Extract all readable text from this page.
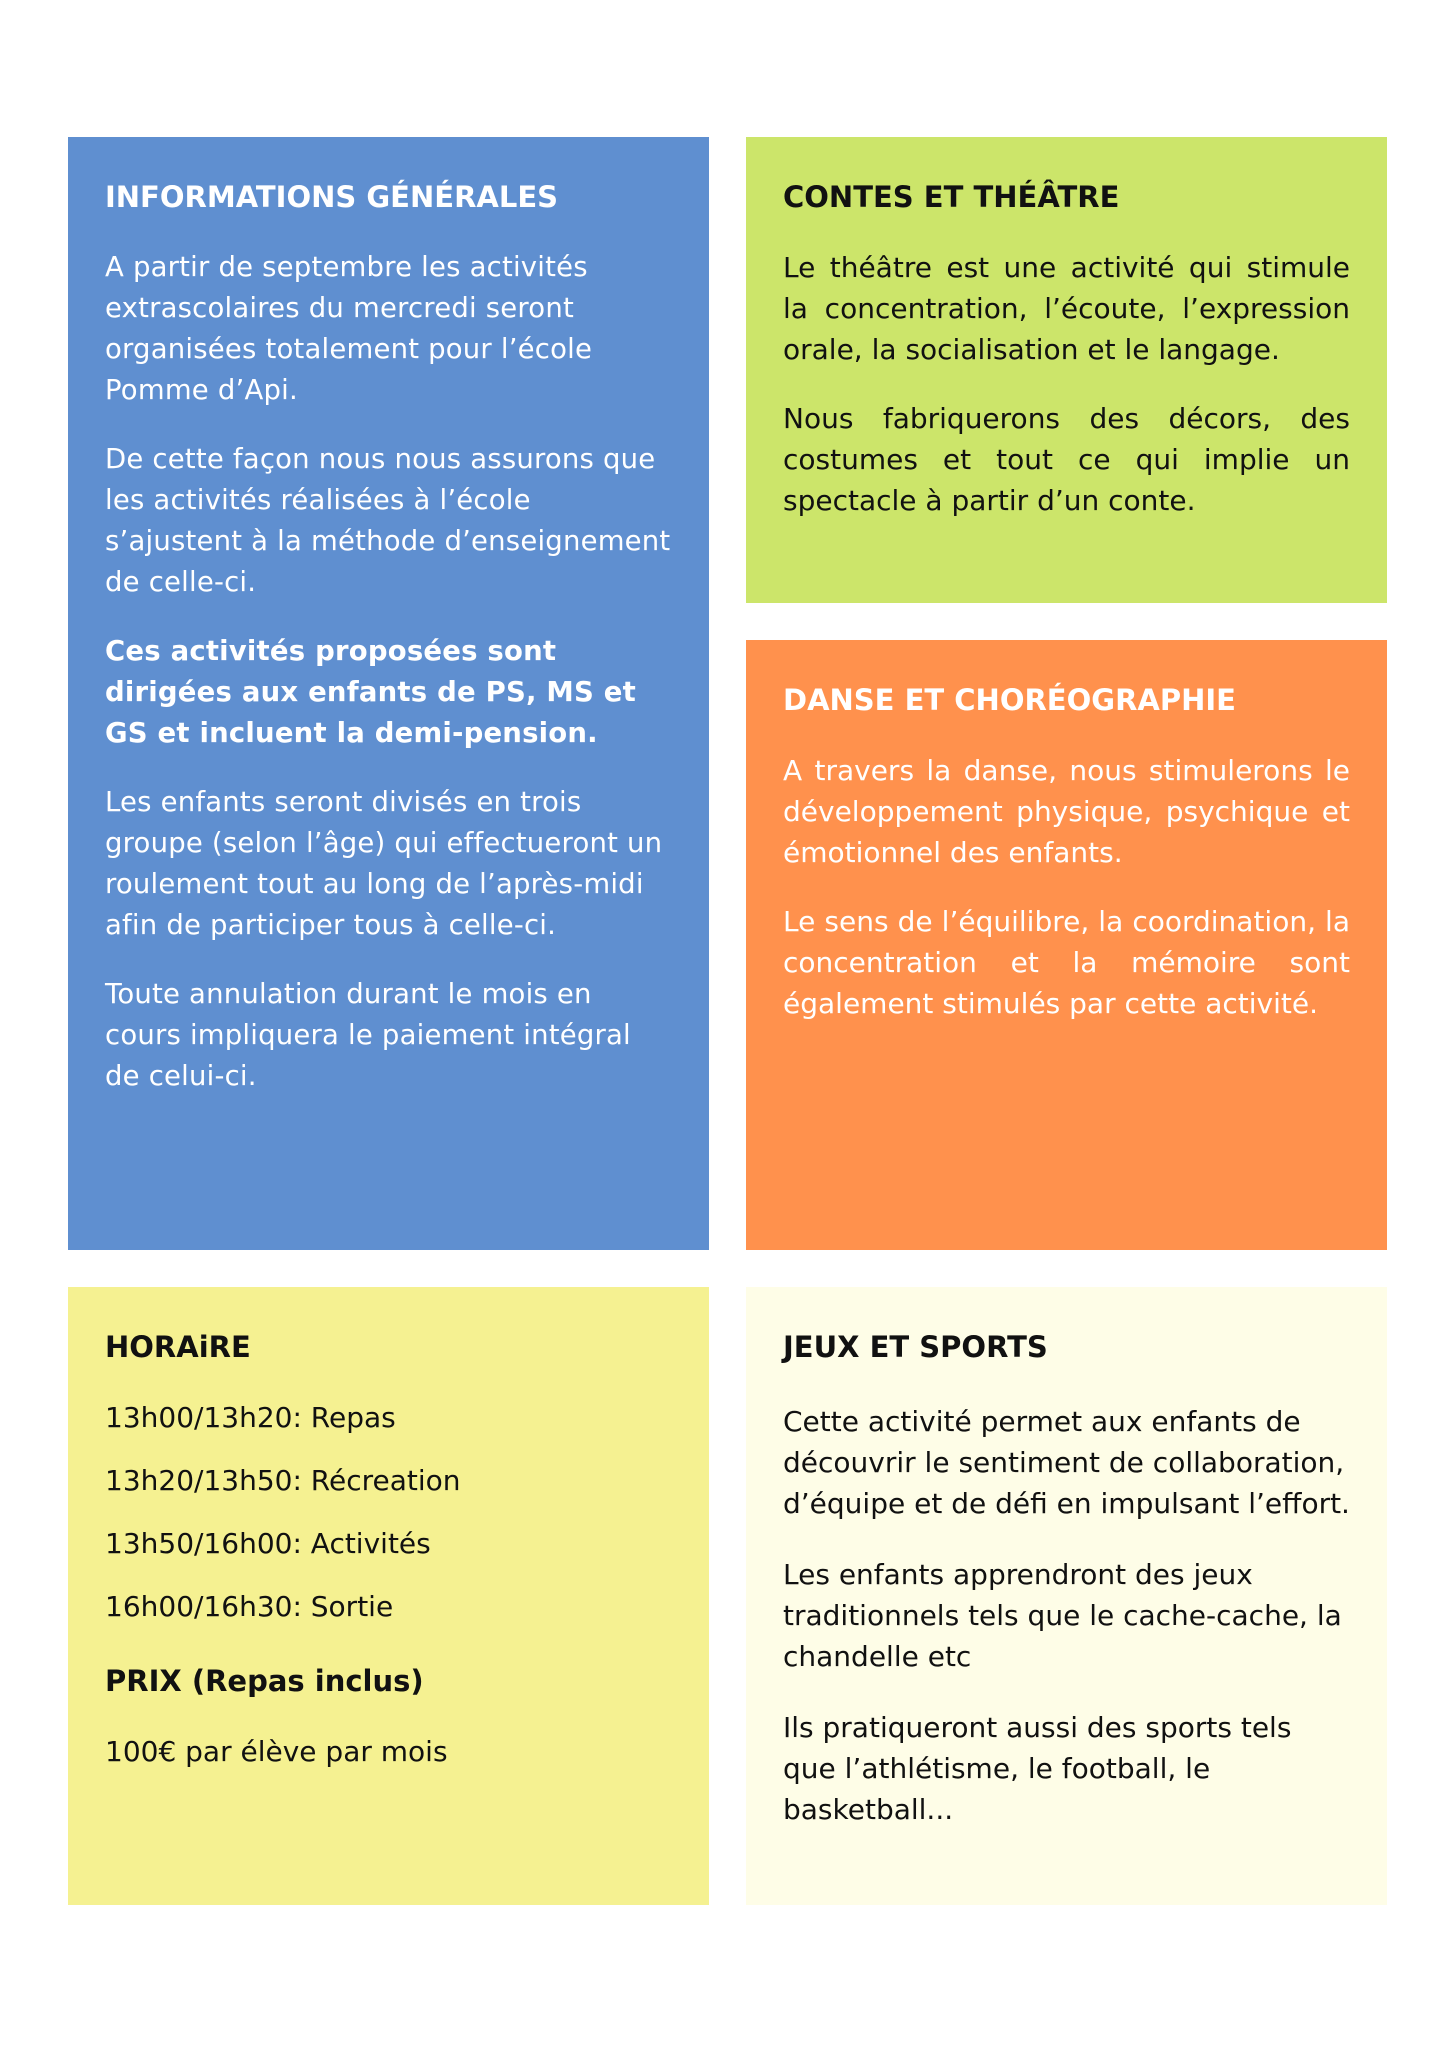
INFORMATIONS GÉNÉRALES

A partir de septembre les activités extrascolaires du mercredi seront organisées totalement pour l’école Pomme d’Api.

De cette façon nous nous assurons que les activités réalisées à l’école s’ajustent à la méthode d’enseignement de celle-ci.

Ces activités proposées sont dirigées aux enfants de PS, MS et GS et incluent la demi-pension.

Les enfants seront divisés en trois groupe (selon l’âge) qui effectueront un roulement tout au long de l’après-midi afin de participer tous à celle-ci.

Toute annulation durant le mois en cours impliquera le paiement intégral de celui-ci.

CONTES ET THÉÂTRE

Le théâtre est une activité qui stimule la concentration, l’écoute, l’expression orale, la socialisation et le langage.

Nous fabriquerons des décors, des costumes et tout ce qui implie un spectacle à partir d’un conte.

DANSE ET CHORÉOGRAPHIE

A travers la danse, nous stimulerons le développement physique, psychique et émotionnel des enfants.

Le sens de l’équilibre, la coordination, la concentration et la mémoire sont également stimulés par cette activité.

HORAiRE

13h00/13h20: Repas

13h20/13h50: Récreation

13h50/16h00: Activités

16h00/16h30: Sortie

PRIX (Repas inclus)

100€ par élève par mois

JEUX ET SPORTS

Cette activité permet aux enfants de découvrir le sentiment de collaboration, d’équipe et de défi en impulsant l’effort.

Les enfants apprendront des jeux traditionnels tels que le cache-cache, la chandelle etc

Ils pratiqueront aussi des sports tels que l’athlétisme, le football, le basketball...
